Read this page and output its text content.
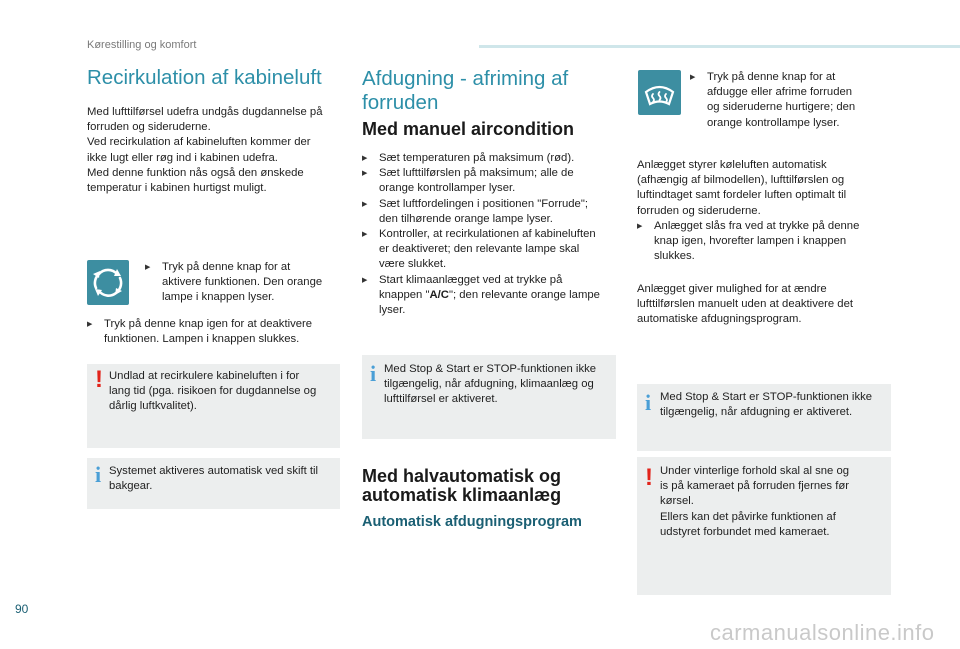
Kørestilling og komfort
Recirkulation af kabineluft
Med lufttilførsel udefra undgås dugdannelse på
forruden og sideruderne.
Ved recirkulation af kabineluften kommer der
ikke lugt eller røg ind i kabinen udefra.
Med denne funktion nås også den ønskede
temperatur i kabinen hurtigst muligt.
▶ Tryk på denne knap for at
aktivere funktionen. Den orange
lampe i knappen lyser.
▶ Tryk på denne knap igen for at deaktivere
funktionen. Lampen i knappen slukkes.
! Undlad at recirkulere kabineluften i for
lang tid (pga. risikoen for dugdannelse og
dårlig luftkvalitet).
i Systemet aktiveres automatisk ved skift til
bakgear.
Afdugning - afriming af
forruden
Med manuel aircondition
▶ Sæt temperaturen på maksimum (rød).
▶ Sæt lufttilførslen på maksimum; alle de
orange kontrollamper lyser.
▶ Sæt luftfordelingen i positionen "Forrude";
den tilhørende orange lampe lyser.
▶ Kontroller, at recirkulationen af kabineluften
er deaktiveret; den relevante lampe skal
være slukket.
▶ Start klimaanlægget ved at trykke på
knappen "A/C"; den relevante orange lampe
lyser.
i Med Stop & Start er STOP-funktionen ikke
tilgængelig, når afdugning, klimaanlæg og
lufttilførsel er aktiveret.
Med halvautomatisk og
automatisk klimaanlæg
Automatisk afdugningsprogram
▶ Tryk på denne knap for at
afdugge eller afrime forruden
og sideruderne hurtigere; den
orange kontrollampe lyser.
Anlægget styrer køleluften automatisk
(afhængig af bilmodellen), lufttilførslen og
luftindtaget samt fordeler luften optimalt til
forruden og sideruderne.
▶ Anlægget slås fra ved at trykke på denne
knap igen, hvorefter lampen i knappen
slukkes.
Anlægget giver mulighed for at ændre
lufttilførslen manuelt uden at deaktivere det
automatiske afdugningsprogram.
i Med Stop & Start er STOP-funktionen ikke
tilgængelig, når afdugning er aktiveret.
! Under vinterlige forhold skal al sne og
is på kameraet på forruden fjernes før
kørsel.
Ellers kan det påvirke funktionen af
udstyret forbundet med kameraet.
90
carmanualsonline.info
